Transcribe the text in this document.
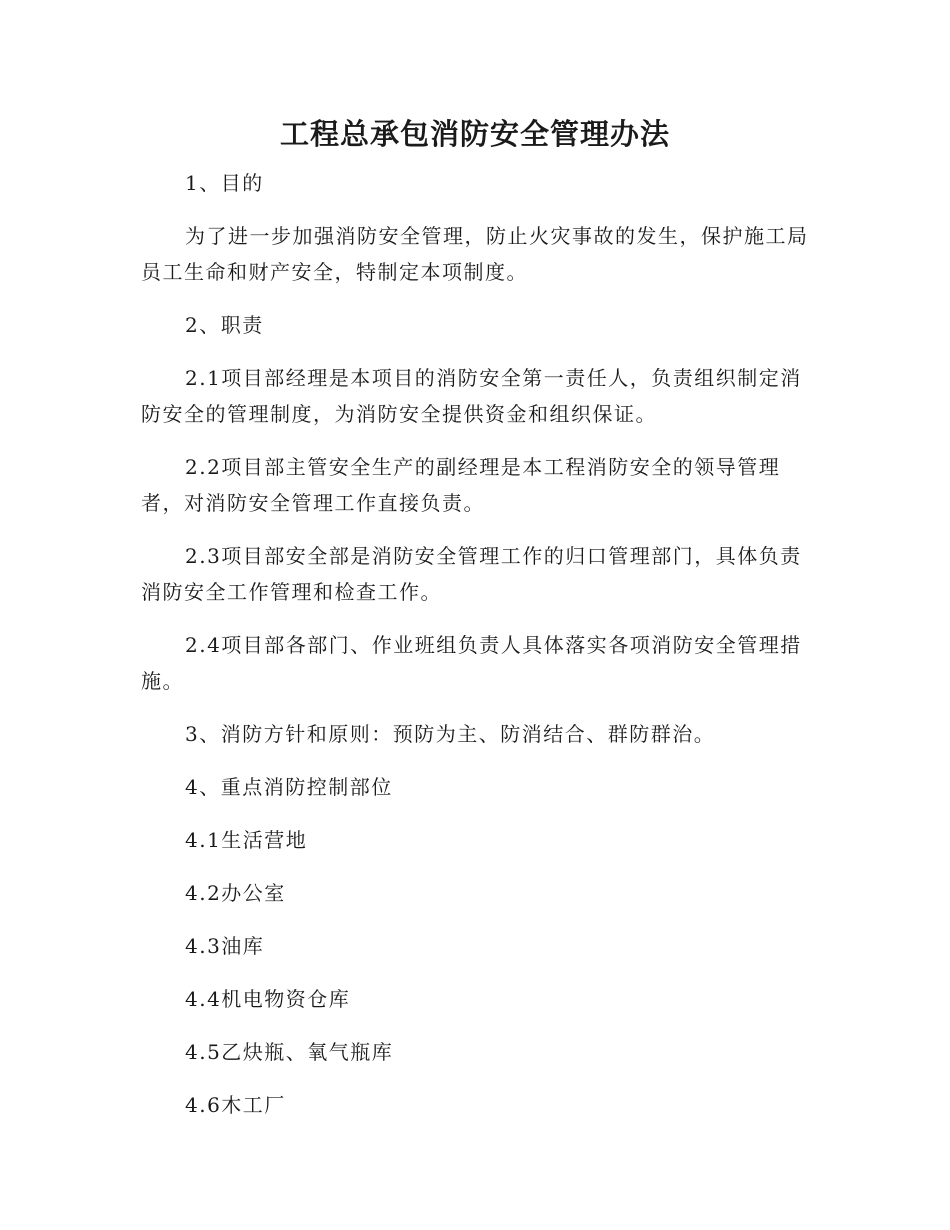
工程总承包消防安全管理办法

1、目的

为了进一步加强消防安全管理，防止火灾事故的发生，保护施工局员工生命和财产安全，特制定本项制度。

2、职责

2.1项目部经理是本项目的消防安全第一责任人，负责组织制定消防安全的管理制度，为消防安全提供资金和组织保证。

2.2项目部主管安全生产的副经理是本工程消防安全的领导管理者，对消防安全管理工作直接负责。

2.3项目部安全部是消防安全管理工作的归口管理部门，具体负责消防安全工作管理和检查工作。

2.4项目部各部门、作业班组负责人具体落实各项消防安全管理措施。

3、消防方针和原则：预防为主、防消结合、群防群治。

4、重点消防控制部位

4.1生活营地

4.2办公室

4.3油库

4.4机电物资仓库

4.5乙炔瓶、氧气瓶库

4.6木工厂
